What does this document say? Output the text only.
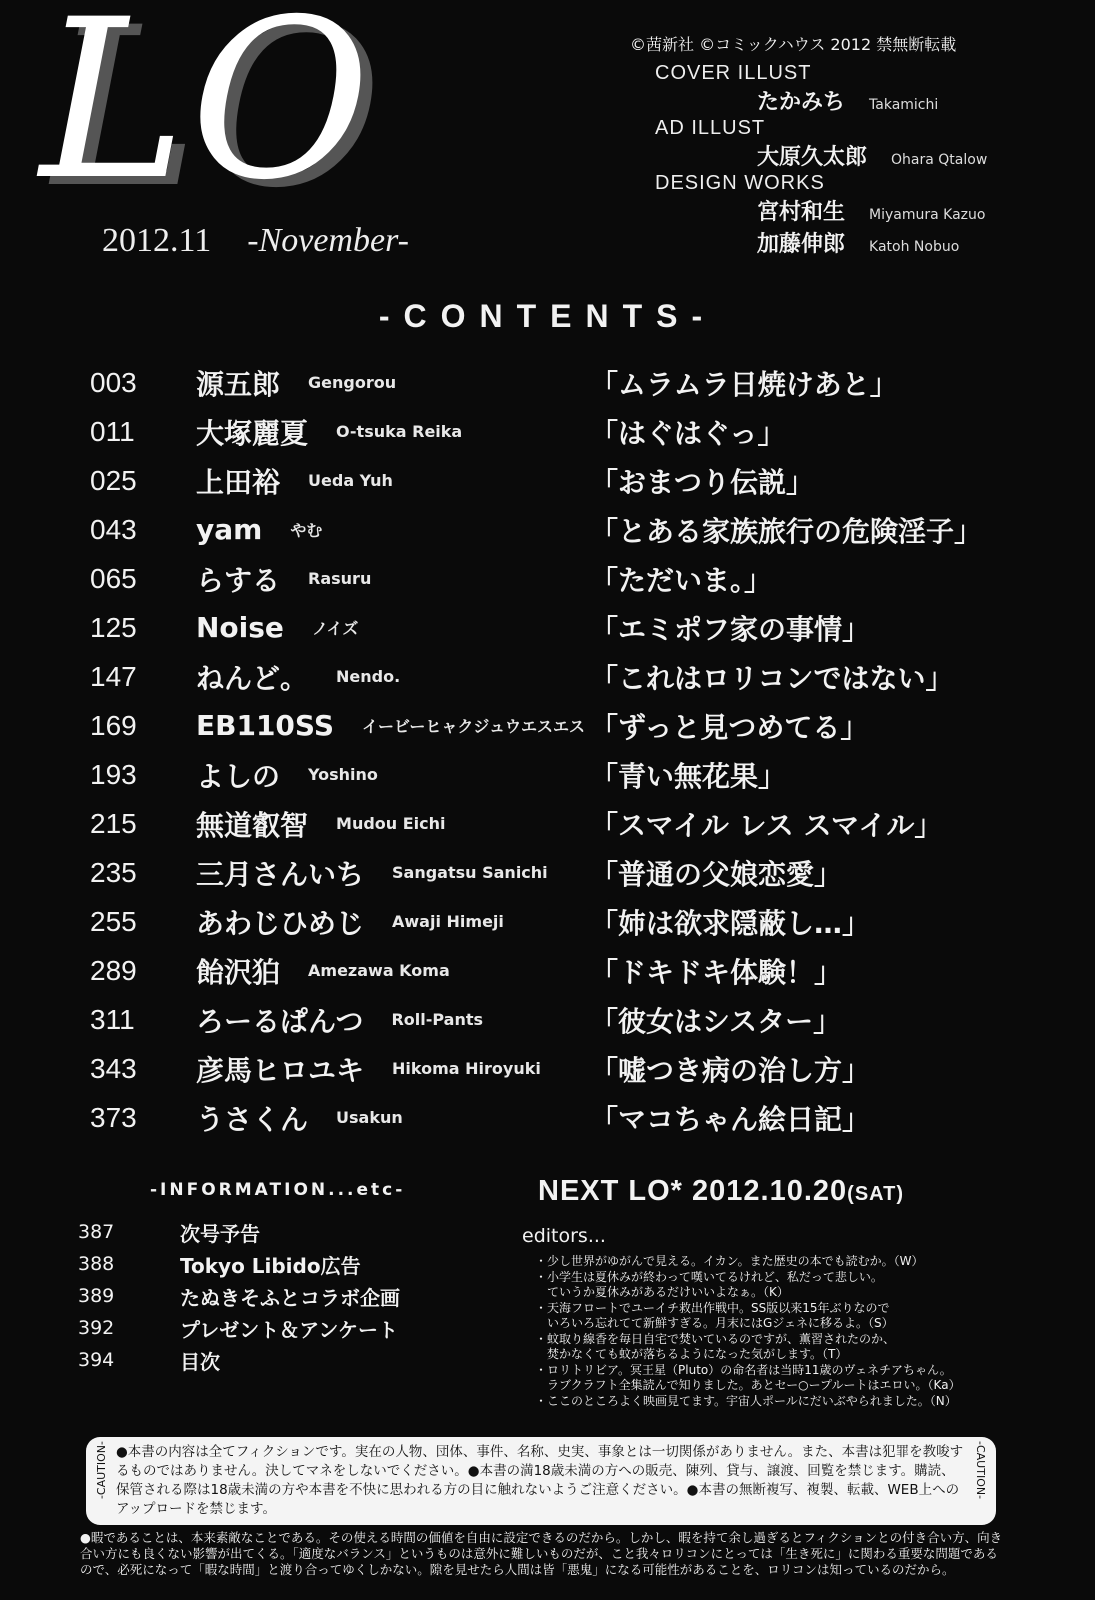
LO
2012.11 -November-
©茜新社 ©コミックハウス 2012 禁無断転載
COVER ILLUST
たかみち Takamichi
AD ILLUST
大原久太郎 Ohara Qtalow
DESIGN WORKS
宮村和生 Miyamura Kazuo
加藤伸郎 Katoh Nobuo
-CONTENTS-
003	源五郎 Gengorou	「ムラムラ日焼けあと」
011	大塚麗夏 O-tsuka Reika	「はぐはぐっ」
025	上田裕 Ueda Yuh	「おまつり伝説」
043	yam やむ	「とある家族旅行の危険淫子」
065	らする Rasuru	「ただいま。」
125	Noise ノイズ	「エミポフ家の事情」
147	ねんど。 Nendo.	「これはロリコンではない」
169	EB110SS イービーヒャクジュウエスエス 「ずっと見つめてる」
193	よしの Yoshino	「青い無花果」
215	無道叡智 Mudou Eichi	「スマイル レス スマイル」
235	三月さんいち Sangatsu Sanichi 「普通の父娘恋愛」
255	あわじひめじ Awaji Himeji	「姉は欲求隠蔽し…」
289	飴沢狛 Amezawa Koma	「ドキドキ体験！」
311	ろーるぱんつ Roll-Pants	「彼女はシスター」
343	彦馬ヒロユキ Hikoma Hiroyuki 「嘘つき病の治し方」
373	うさくん Usakun	「マコちゃん絵日記」
-INFORMATION...etc-
387	次号予告
388	Tokyo Libido広告
389	たぬきそふとコラボ企画
392	プレゼント＆アンケート
394	目次
NEXT LO* 2012.10.20(SAT)
editors...
・少し世界がゆがんで見える。イカン。また歴史の本でも読むか。（W）
・小学生は夏休みが終わって嘆いてるけれど、私だって悲しい。
　ていうか夏休みがあるだけいいよなぁ。（K）
・天海フロートでユーイチ救出作戦中。SS版以来15年ぶりなので
　いろいろ忘れてて新鮮すぎる。月末にはGジェネに移るよ。（S）
・蚊取り線香を毎日自宅で焚いているのですが、薫習されたのか、
　焚かなくても蚊が落ちるようになった気がします。（T）
・ロリトリビア。冥王星（Pluto）の命名者は当時11歳のヴェネチアちゃん。
　ラブクラフト全集読んで知りました。あとセー○ープルートはエロい。（Ka）
・ここのところよく映画見てます。宇宙人ポールにだいぶやられました。（N）
-CAUTION- ●本書の内容は全てフィクションです。実在の人物、団体、事件、名称、史実、事象とは一切関係がありません。また、本書は犯罪を教唆するものではありません。決してマネをしないでください。●本書の満18歳未満の方への販売、陳列、貸与、譲渡、回覧を禁じます。購読、保管される際は18歳未満の方や本書を不快に思われる方の目に触れないようご注意ください。●本書の無断複写、複製、転載、WEB上へのアップロードを禁じます。
-CAUTION-
●暇であることは、本来素敵なことである。その使える時間の価値を自由に設定できるのだから。しかし、暇を持て余し過ぎるとフィクションとの付き合い方、向き合い方にも良くない影響が出てくる。「適度なバランス」というものは意外に難しいものだが、こと我々ロリコンにとっては「生き死に」に関わる重要な問題であるので、必死になって「暇な時間」と渡り合ってゆくしかない。隙を見せたら人間は皆「悪鬼」になる可能性があることを、ロリコンは知っているのだから。
